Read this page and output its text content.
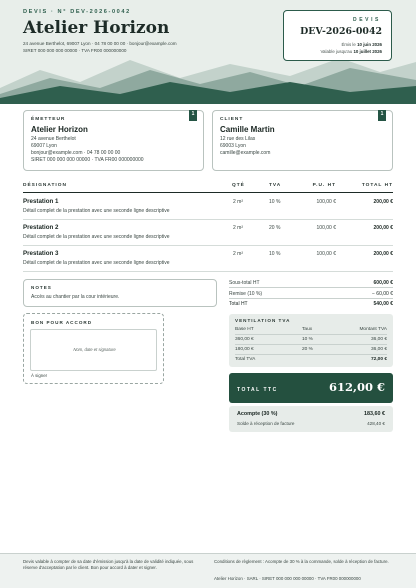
DEVIS · N° DEV-2026-0042
Atelier Horizon
24 avenue Berthelot, 69007 Lyon · 04 78 00 00 00 · bonjour@example.com
SIRET 000 000 000 00000 · TVA FR00 000000000
DEVIS
DEV-2026-0042
Émis le 10 juin 2026
Valable jusqu'au 10 juillet 2026
1
ÉMETTEUR
Atelier Horizon
24 avenue Berthelot
69007 Lyon
bonjour@example.com · 04 78 00 00 00
SIRET 000 000 000 00000 · TVA FR00 000000000
1
CLIENT
Camille Martin
12 rue des Lilas
69003 Lyon
camille@example.com
DÉSIGNATION	QTÉ	TVA	P.U. HT	TOTAL HT
Prestation 1
Détail complet de la prestation avec une seconde ligne descriptive
2 m²	10 %	100,00 €	200,00 €
Prestation 2
Détail complet de la prestation avec une seconde ligne descriptive
2 m²	20 %	100,00 €	200,00 €
Prestation 3
Détail complet de la prestation avec une seconde ligne descriptive
2 m²	10 %	100,00 €	200,00 €
NOTES
Accès au chantier par la cour intérieure.
BON POUR ACCORD
Nom, date et signature
À signer
Sous-total HT	600,00 €
Remise (10 %)	− 60,00 €
Total HT	540,00 €
VENTILATION TVA
Base HT	Taux	Montant TVA
360,00 €	10 %	36,00 €
180,00 €	20 %	36,00 €
Total TVA	72,00 €
TOTAL TTC	612,00 €
Acompte (30 %)	183,60 €
Solde à réception de facture	428,40 €
Devis valable à compter de sa date d'émission jusqu'à la date de validité indiquée, sous réserve d'acceptation par le client. Bon pour accord à dater et signer.
Conditions de règlement : Acompte de 30 % à la commande, solde à réception de facture.
Atelier Horizon · SARL · SIRET 000 000 000 00000 · TVA FR00 000000000
